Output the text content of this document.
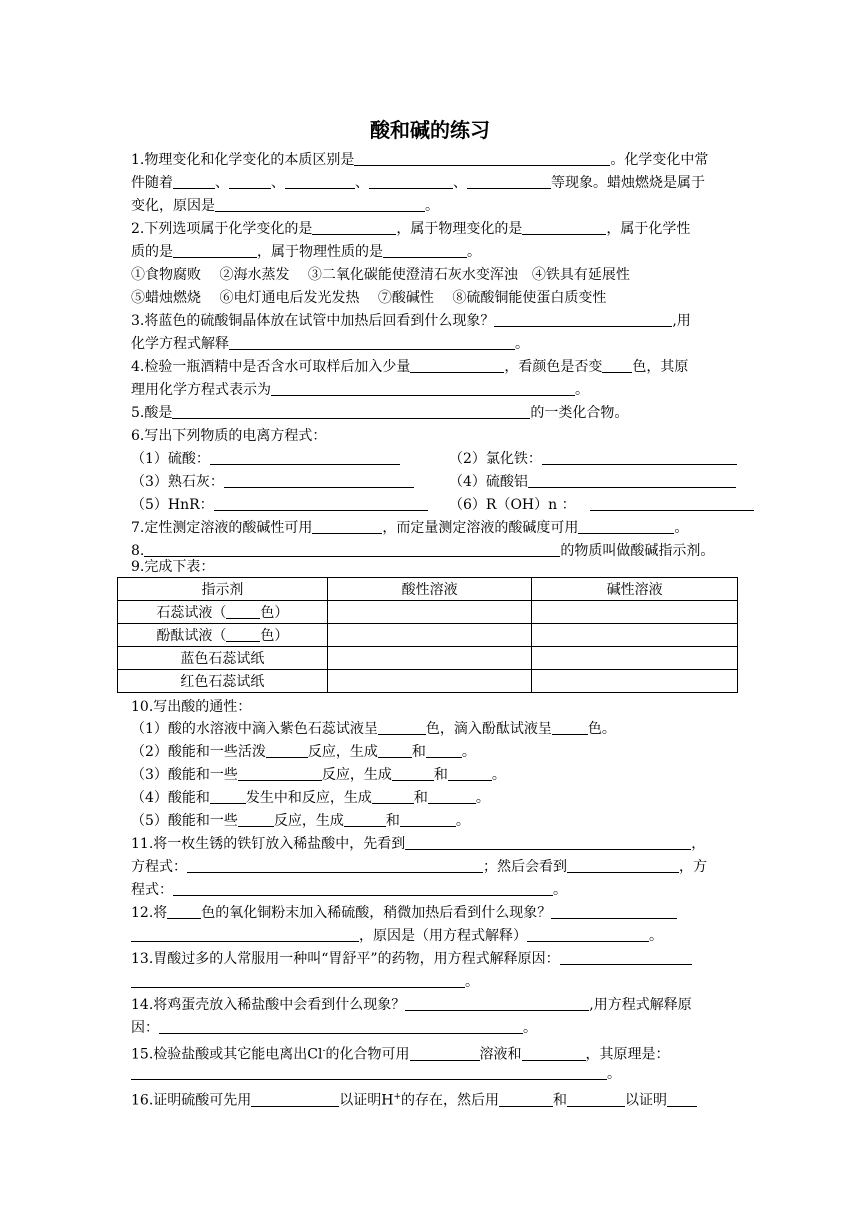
酸和碱的练习
1.物理变化和化学变化的本质区别是	。化学变化中常
件随着	、	、	、	、	等现象。蜡烛燃烧是属于
变化，原因是	。
2.下列选项属于化学变化的是	，属于物理变化的是	，属于化学性
质的是	，属于物理性质的是	。
①食物腐败　 ②海水蒸发　 ③二氧化碳能使澄清石灰水变浑浊　④铁具有延展性
⑤蜡烛燃烧　 ⑥电灯通电后发光发热　 ⑦酸碱性　 ⑧硫酸铜能使蛋白质变性
3.将蓝色的硫酸铜晶体放在试管中加热后回看到什么现象？	,用
化学方程式解释	。
4.检验一瓶酒精中是否含水可取样后加入少量	，看颜色是否变 色，其原
理用化学方程式表示为	。
5.酸是	的一类化合物。
6.写出下列物质的电离方程式：
（1）硫酸：	（2）氯化铁：
（3）熟石灰：	（4）硫酸铝
（5）HnR：	（6）R（OH）n ：
7.定性测定溶液的酸碱性可用	，而定量测定溶液的酸碱度可用	。
8.	的物质叫做酸碱指示剂。
9.完成下表：
指示剂	酸性溶液	碱性溶液
石蕊试液（ 色）		
酚酞试液（ 色）		
蓝色石蕊试纸		
红色石蕊试纸		
10.写出酸的通性：
（1）酸的水溶液中滴入紫色石蕊试液呈	色，滴入酚酞试液呈	色。
（2）酸能和一些活泼	反应，生成 和	。
（3）酸能和一些	反应，生成	和	。
（4）酸能和	发生中和反应，生成	和	。
（5）酸能和一些	反应，生成	和	。
11.将一枚生锈的铁钉放入稀盐酸中，先看到	，
方程式：	；然后会看到	，方
程式：	。
12.将 色的氧化铜粉末加入稀硫酸，稍微加热后看到什么现象？
，原因是（用方程式解释）	。
13.胃酸过多的人常服用一种叫“胃舒平”的药物，用方程式解释原因：
。
14.将鸡蛋壳放入稀盐酸中会看到什么现象？	,用方程式解释原
因：	。
15.检验盐酸或其它能电离出Cl-的化合物可用	溶液和	，其原理是：
。
16.证明硫酸可先用	以证明H+的存在，然后用	和	以证明
